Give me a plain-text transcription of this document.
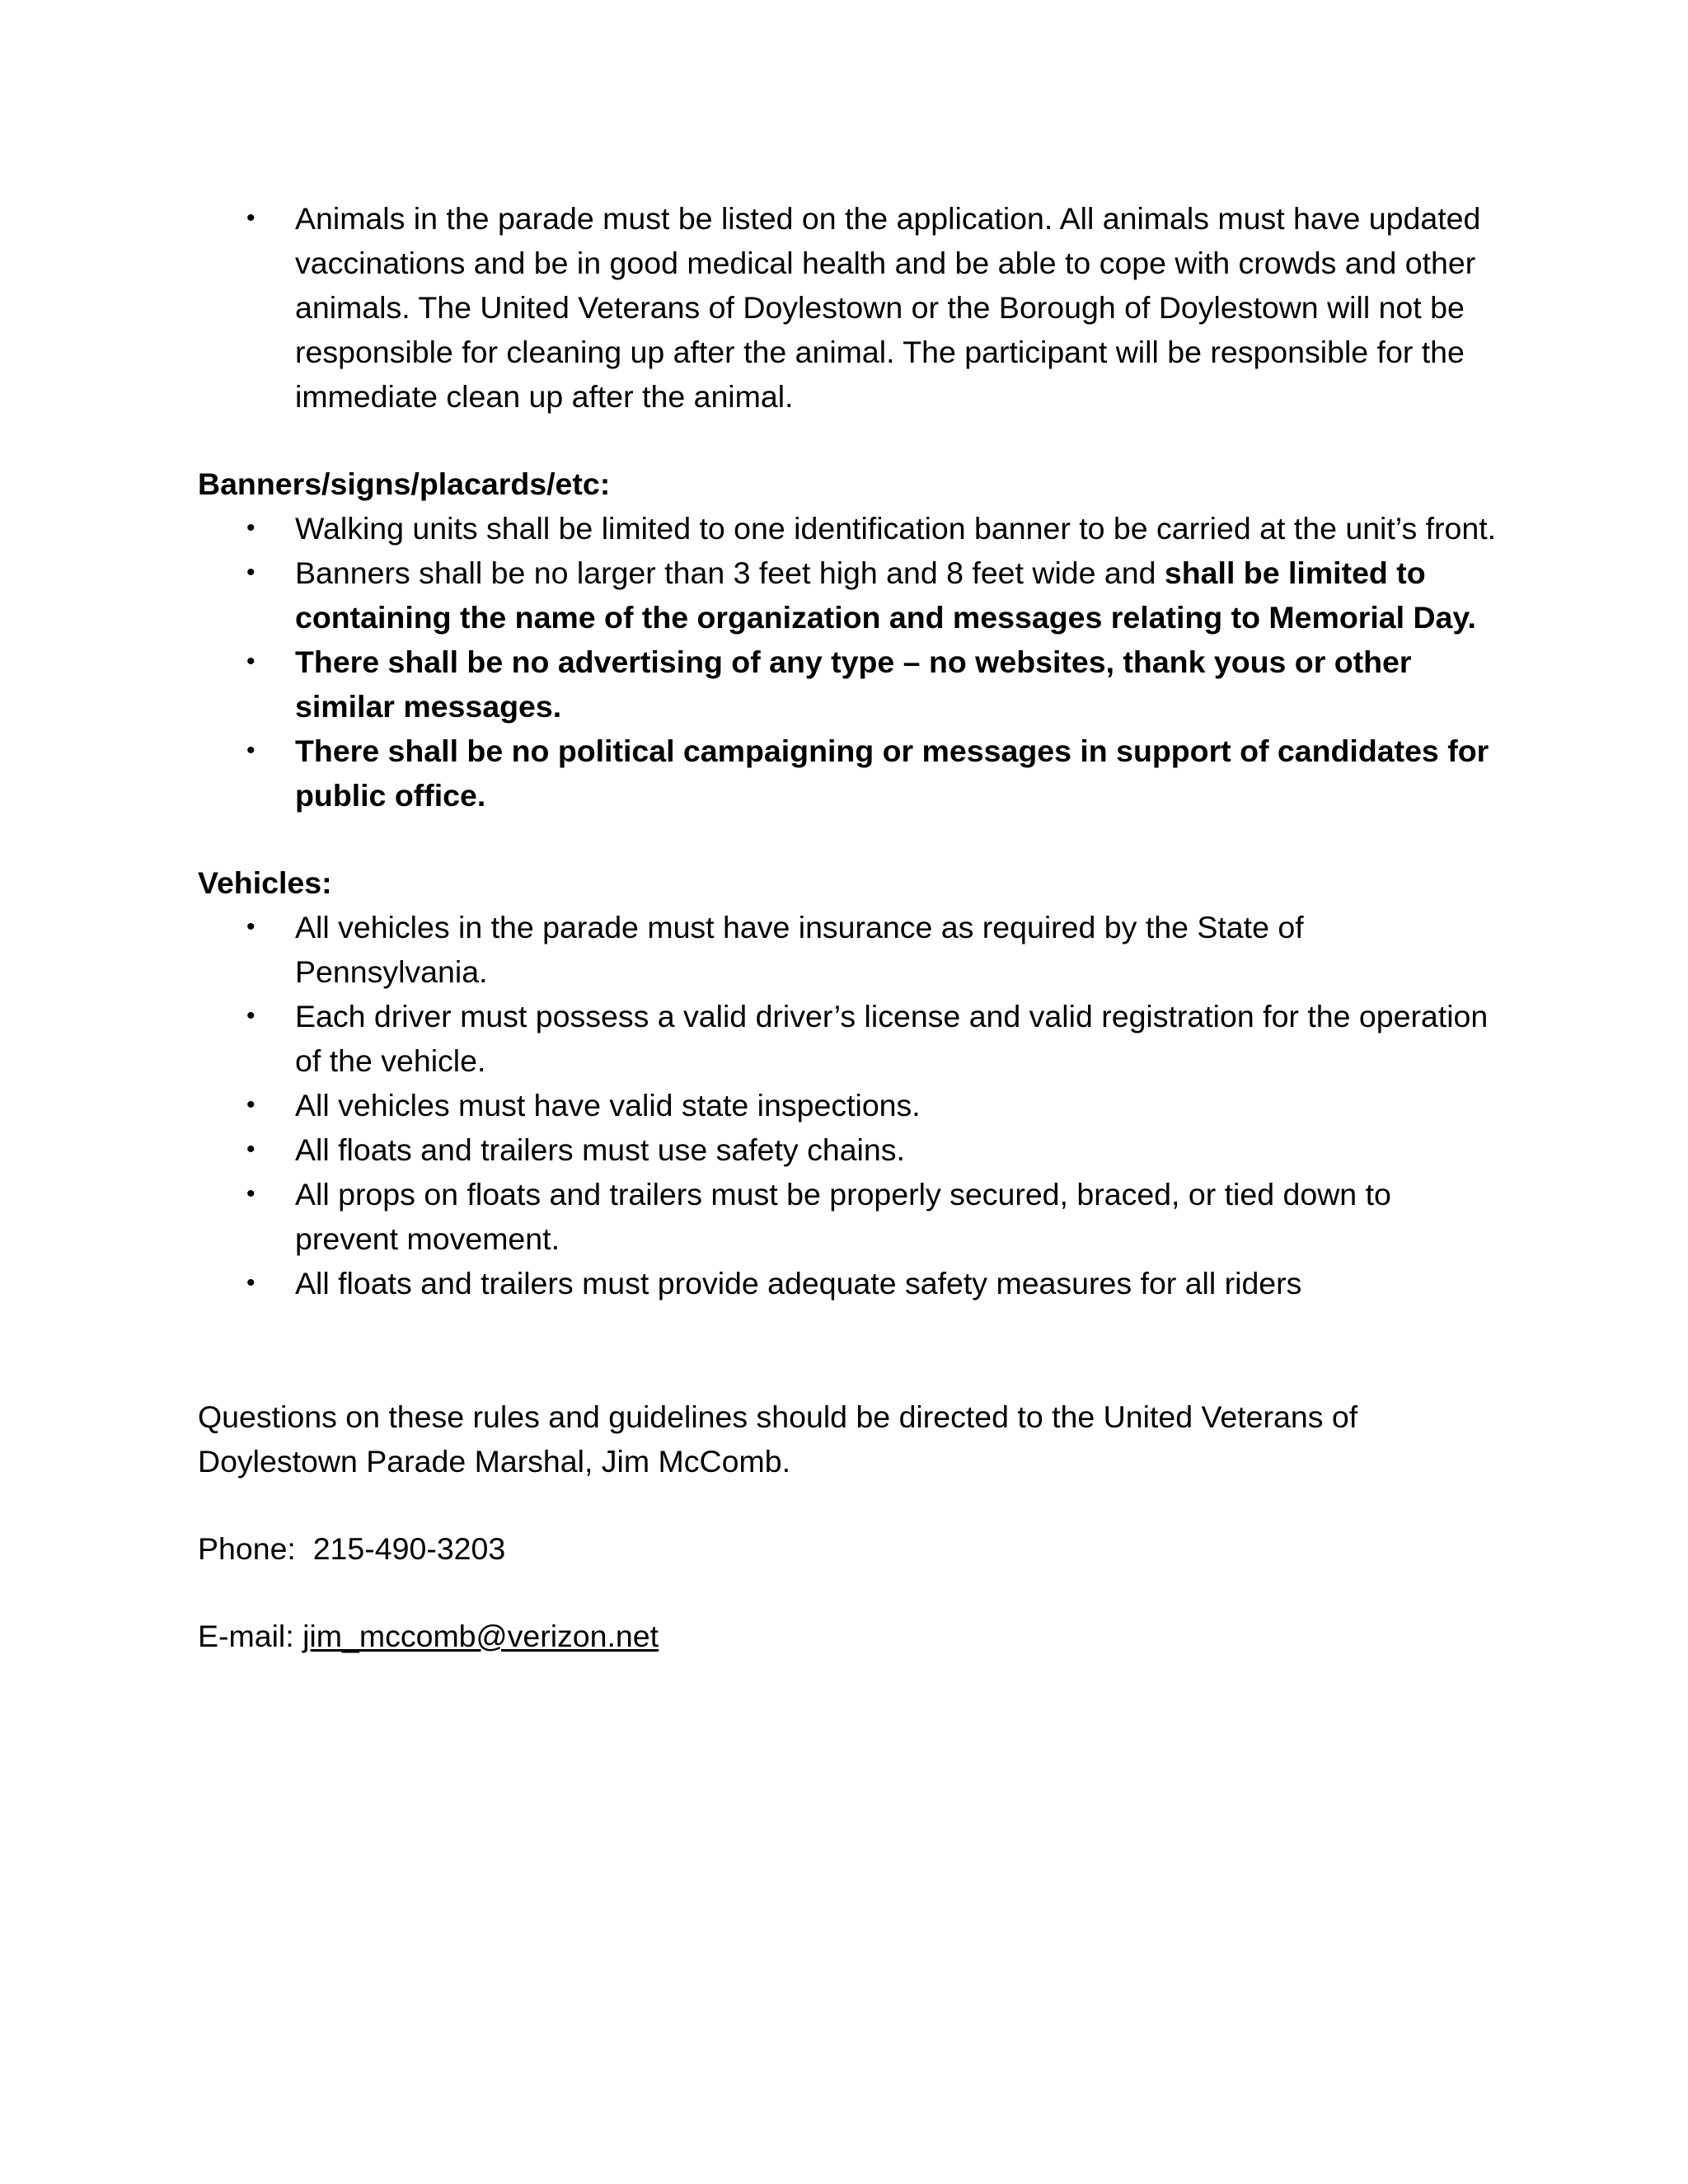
• Animals in the parade must be listed on the application. All animals must have updated vaccinations and be in good medical health and be able to cope with crowds and other animals. The United Veterans of Doylestown or the Borough of Doylestown will not be responsible for cleaning up after the animal. The participant will be responsible for the immediate clean up after the animal.

Banners/signs/placards/etc:

• Walking units shall be limited to one identification banner to be carried at the unit’s front.
• Banners shall be no larger than 3 feet high and 8 feet wide and shall be limited to containing the name of the organization and messages relating to Memorial Day.
• There shall be no advertising of any type – no websites, thank yous or other similar messages.
• There shall be no political campaigning or messages in support of candidates for public office.

Vehicles:

• All vehicles in the parade must have insurance as required by the State of Pennsylvania.
• Each driver must possess a valid driver’s license and valid registration for the operation of the vehicle.
• All vehicles must have valid state inspections.
• All floats and trailers must use safety chains.
• All props on floats and trailers must be properly secured, braced, or tied down to prevent movement.
• All floats and trailers must provide adequate safety measures for all riders

Questions on these rules and guidelines should be directed to the United Veterans of Doylestown Parade Marshal, Jim McComb.

Phone:  215-490-3203

E-mail: jim_mccomb@verizon.net
